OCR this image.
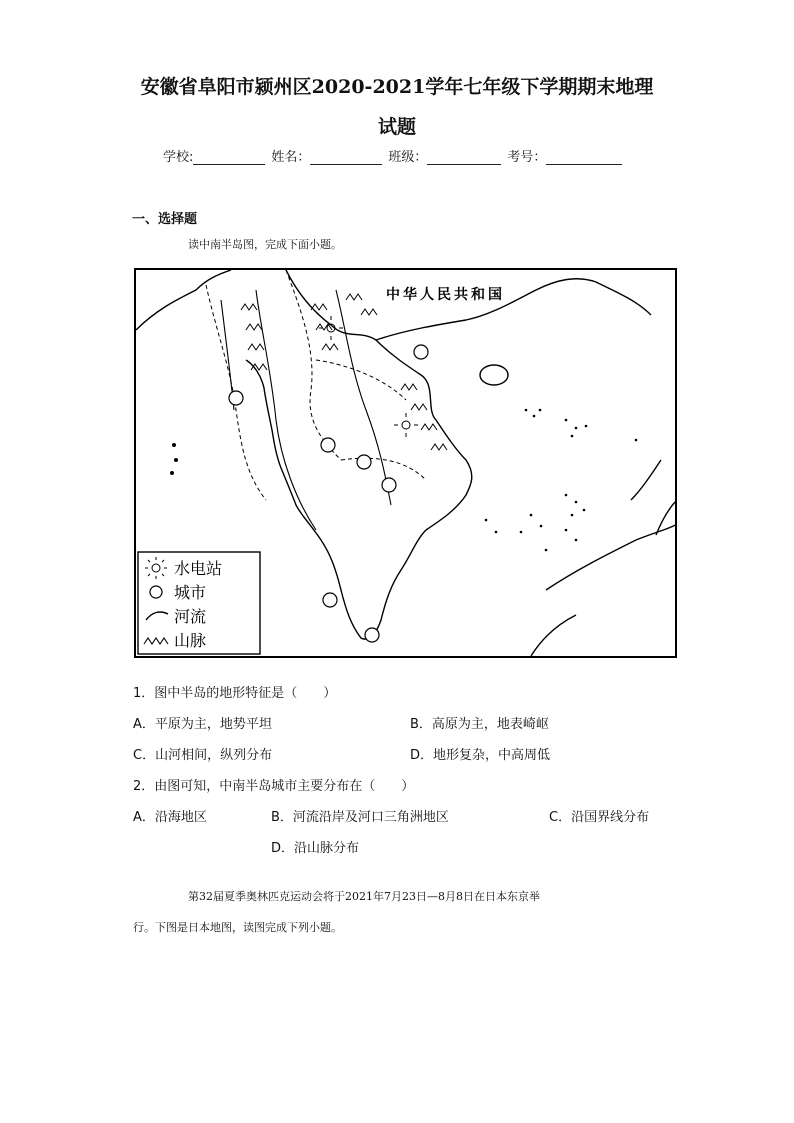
安徽省阜阳市颍州区2020-2021学年七年级下学期期末地理
试题
学校:	姓名：	班级：	考号：
一、选择题
读中南半岛图，完成下面小题。
中华人民共和国
水电站
城市
河流
山脉
1．图中半岛的地形特征是（　　）
A．平原为主，地势平坦	B．高原为主，地表崎岖
C．山河相间，纵列分布	D．地形复杂，中高周低
2．由图可知，中南半岛城市主要分布在（　　）
A．沿海地区	B．河流沿岸及河口三角洲地区	C．沿国界线分布
D．沿山脉分布
第32届夏季奥林匹克运动会将于2021年7月23日—8月8日在日本东京举
行。下图是日本地图，读图完成下列小题。
